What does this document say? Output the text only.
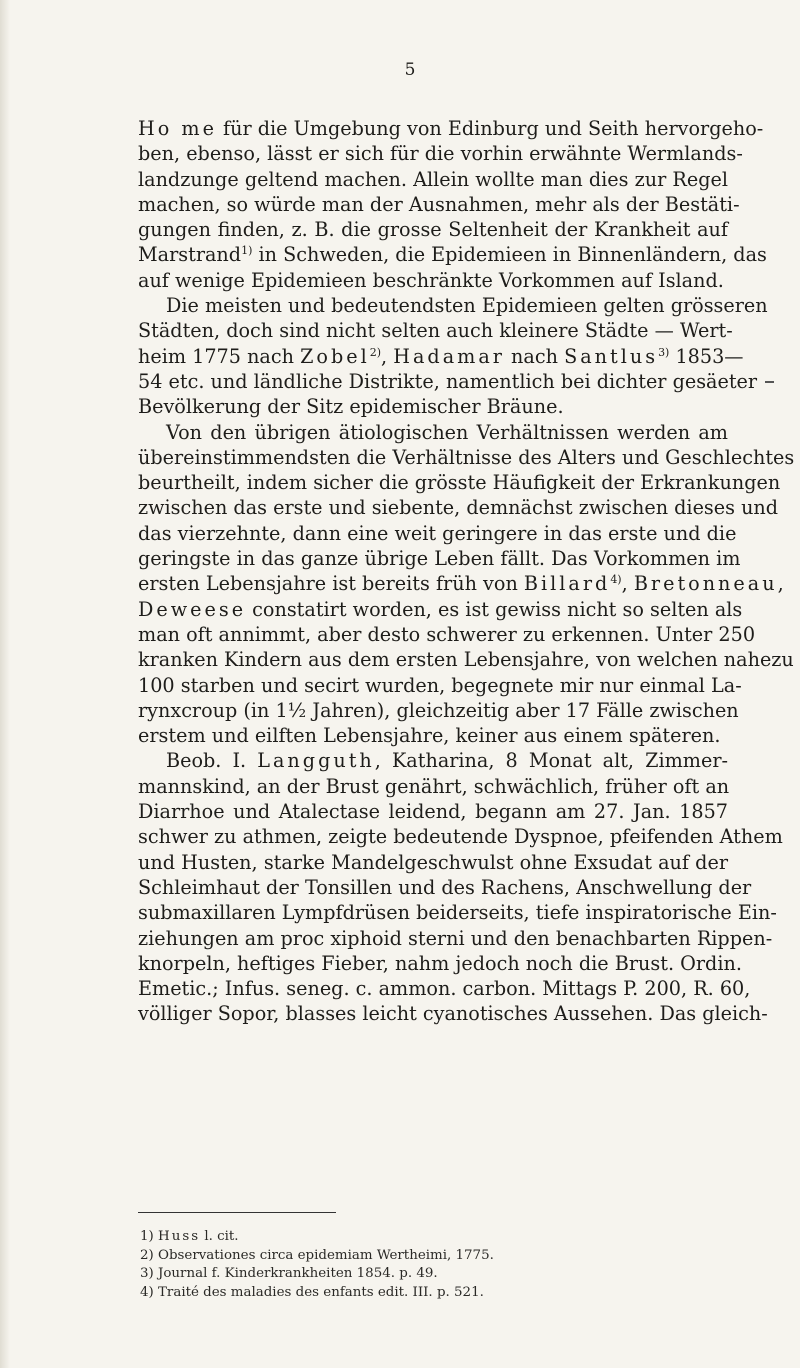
5
Ho me für die Umgebung von Edinburg und Seith hervorgeho-
ben, ebenso, lässt er sich für die vorhin erwähnte Wermlands-
landzunge geltend machen. Allein wollte man dies zur Regel
machen, so würde man der Ausnahmen, mehr als der Bestäti-
gungen finden, z. B. die grosse Seltenheit der Krankheit auf
Marstrand$^{1)}$ in Schweden, die Epidemieen in Binnenländern, das
auf wenige Epidemieen beschränkte Vorkommen auf Island.
Die meisten und bedeutendsten Epidemieen gelten grösseren
Städten, doch sind nicht selten auch kleinere Städte — Wert-
heim 1775 nach Zobel$^{2)}$, Hadamar nach Santlus$^{3)}$ 1853—
54 etc. und ländliche Distrikte, namentlich bei dichter gesäeter
Bevölkerung der Sitz epidemischer Bräune.
Von den übrigen ätiologischen Verhältnissen werden am
übereinstimmendsten die Verhältnisse des Alters und Geschlechtes
beurtheilt, indem sicher die grösste Häufigkeit der Erkrankungen
zwischen das erste und siebente, demnächst zwischen dieses und
das vierzehnte, dann eine weit geringere in das erste und die
geringste in das ganze übrige Leben fällt. Das Vorkommen im
ersten Lebensjahre ist bereits früh von Billard$^{4)}$, Bretonneau,
Deweese constatirt worden, es ist gewiss nicht so selten als
man oft annimmt, aber desto schwerer zu erkennen. Unter 250
kranken Kindern aus dem ersten Lebensjahre, von welchen nahezu
100 starben und secirt wurden, begegnete mir nur einmal La-
rynxcroup (in 1½ Jahren), gleichzeitig aber 17 Fälle zwischen
erstem und eilften Lebensjahre, keiner aus einem späteren.
Beob. I. Langguth, Katharina, 8 Monat alt, Zimmer-
mannskind, an der Brust genährt, schwächlich, früher oft an
Diarrhoe und Atalectase leidend, begann am 27. Jan. 1857
schwer zu athmen, zeigte bedeutende Dyspnoe, pfeifenden Athem
und Husten, starke Mandelgeschwulst ohne Exsudat auf der
Schleimhaut der Tonsillen und des Rachens, Anschwellung der
submaxillaren Lympfdrüsen beiderseits, tiefe inspiratorische Ein-
ziehungen am proc xiphoid sterni und den benachbarten Rippen-
knorpeln, heftiges Fieber, nahm jedoch noch die Brust. Ordin.
Emetic.; Infus. seneg. c. ammon. carbon. Mittags P. 200, R. 60,
völliger Sopor, blasses leicht cyanotisches Aussehen. Das gleich-
1) Huss l. cit.
2) Observationes circa epidemiam Wertheimi, 1775.
3) Journal f. Kinderkrankheiten 1854. p. 49.
4) Traité des maladies des enfants edit. III. p. 521.
